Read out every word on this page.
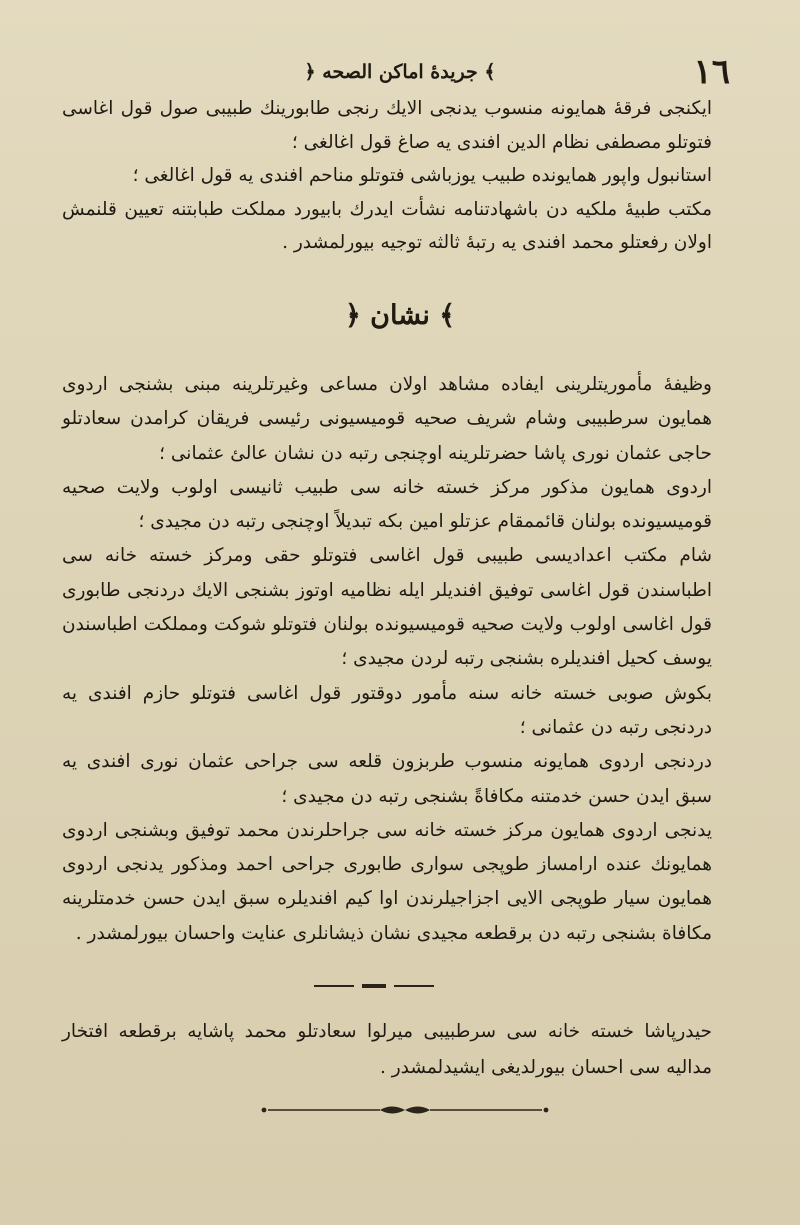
١٦
﴿ جريدهٔ اماكن الصحه ﴾

ايكنجى فرقهٔ همايونه منسوب يدنجى الايك رنجى طابورينك طبيبى صول قول اغاسى فتوتلو مصطفى نظام الدين افندى يه صاغ قول اغالغى ؛

استانبول واپور همايونده طبيب يوزباشى فتوتلو مناحم افندى يه قول اغالغى ؛

مكتب طبيهٔ ملكيه دن باشهادتنامه نشأت ايدرك بابيورد مملكت طبابتنه تعيين قلنمش اولان رفعتلو محمد افندى يه رتبهٔ ثالثه توجيه بيورلمشدر .

﴿ نشان ﴾

وظيفهٔ مأموريتلرينى ايفاده مشاهد اولان مساعى وغيرتلرينه مبنى بشنجى اردوى همايون سرطبيبى وشام شريف صحيه قوميسيونى رئيسى فريقان كرامدن سعادتلو حاجى عثمان نورى پاشا حضرتلرينه اوچنجى رتبه دن نشان عالئ عثمانى ؛

اردوى همايون مذكور مركز خسته خانه سى طبيب ثانيسى اولوب ولايت صحيه قوميسيونده بولنان قائممقام عزتلو امين بكه تبديلاً اوچنجى رتبه دن مجيدى ؛

شام مكتب اعداديسى طبيبى قول اغاسى فتوتلو حقى ومركز خسته خانه سى اطباسندن قول اغاسى توفيق افنديلر ايله نظاميه اوتوز بشنجى الايك دردنجى طابورى قول اغاسى اولوب ولايت صحيه قوميسيونده بولنان فتوتلو شوكت ومملكت اطباسندن يوسف كحيل افنديلره بشنجى رتبه لردن مجيدى ؛

بكوش صوبى خسته خانه سنه مأمور دوقتور قول اغاسى فتوتلو حازم افندى يه دردنجى رتبه دن عثمانى ؛

دردنجى اردوى همايونه منسوب طربزون قلعه سى جراحى عثمان نورى افندى يه سبق ايدن حسن خدمتنه مكافاةً بشنجى رتبه دن مجيدى ؛

يدنجى اردوى همايون مركز خسته خانه سى جراحلرندن محمد توفيق وبشنجى اردوى همايونك عنده ارامساز طوپجى سوارى طابورى جراحى احمد ومذكور يدنجى اردوى همايون سيار طوپجى الايى اجزاجيلرندن اوا كيم افنديلره سبق ايدن حسن خدمتلرينه مكافاة بشنجى رتبه دن برقطعه مجيدى نشان ذيشانلرى عنايت واحسان بيورلمشدر .

حيدرپاشا خسته خانه سى سرطبيبى ميرلوا سعادتلو محمد پاشايه برقطعه افتخار مداليه سى احسان بيورلديغى ايشيدلمشدر .
